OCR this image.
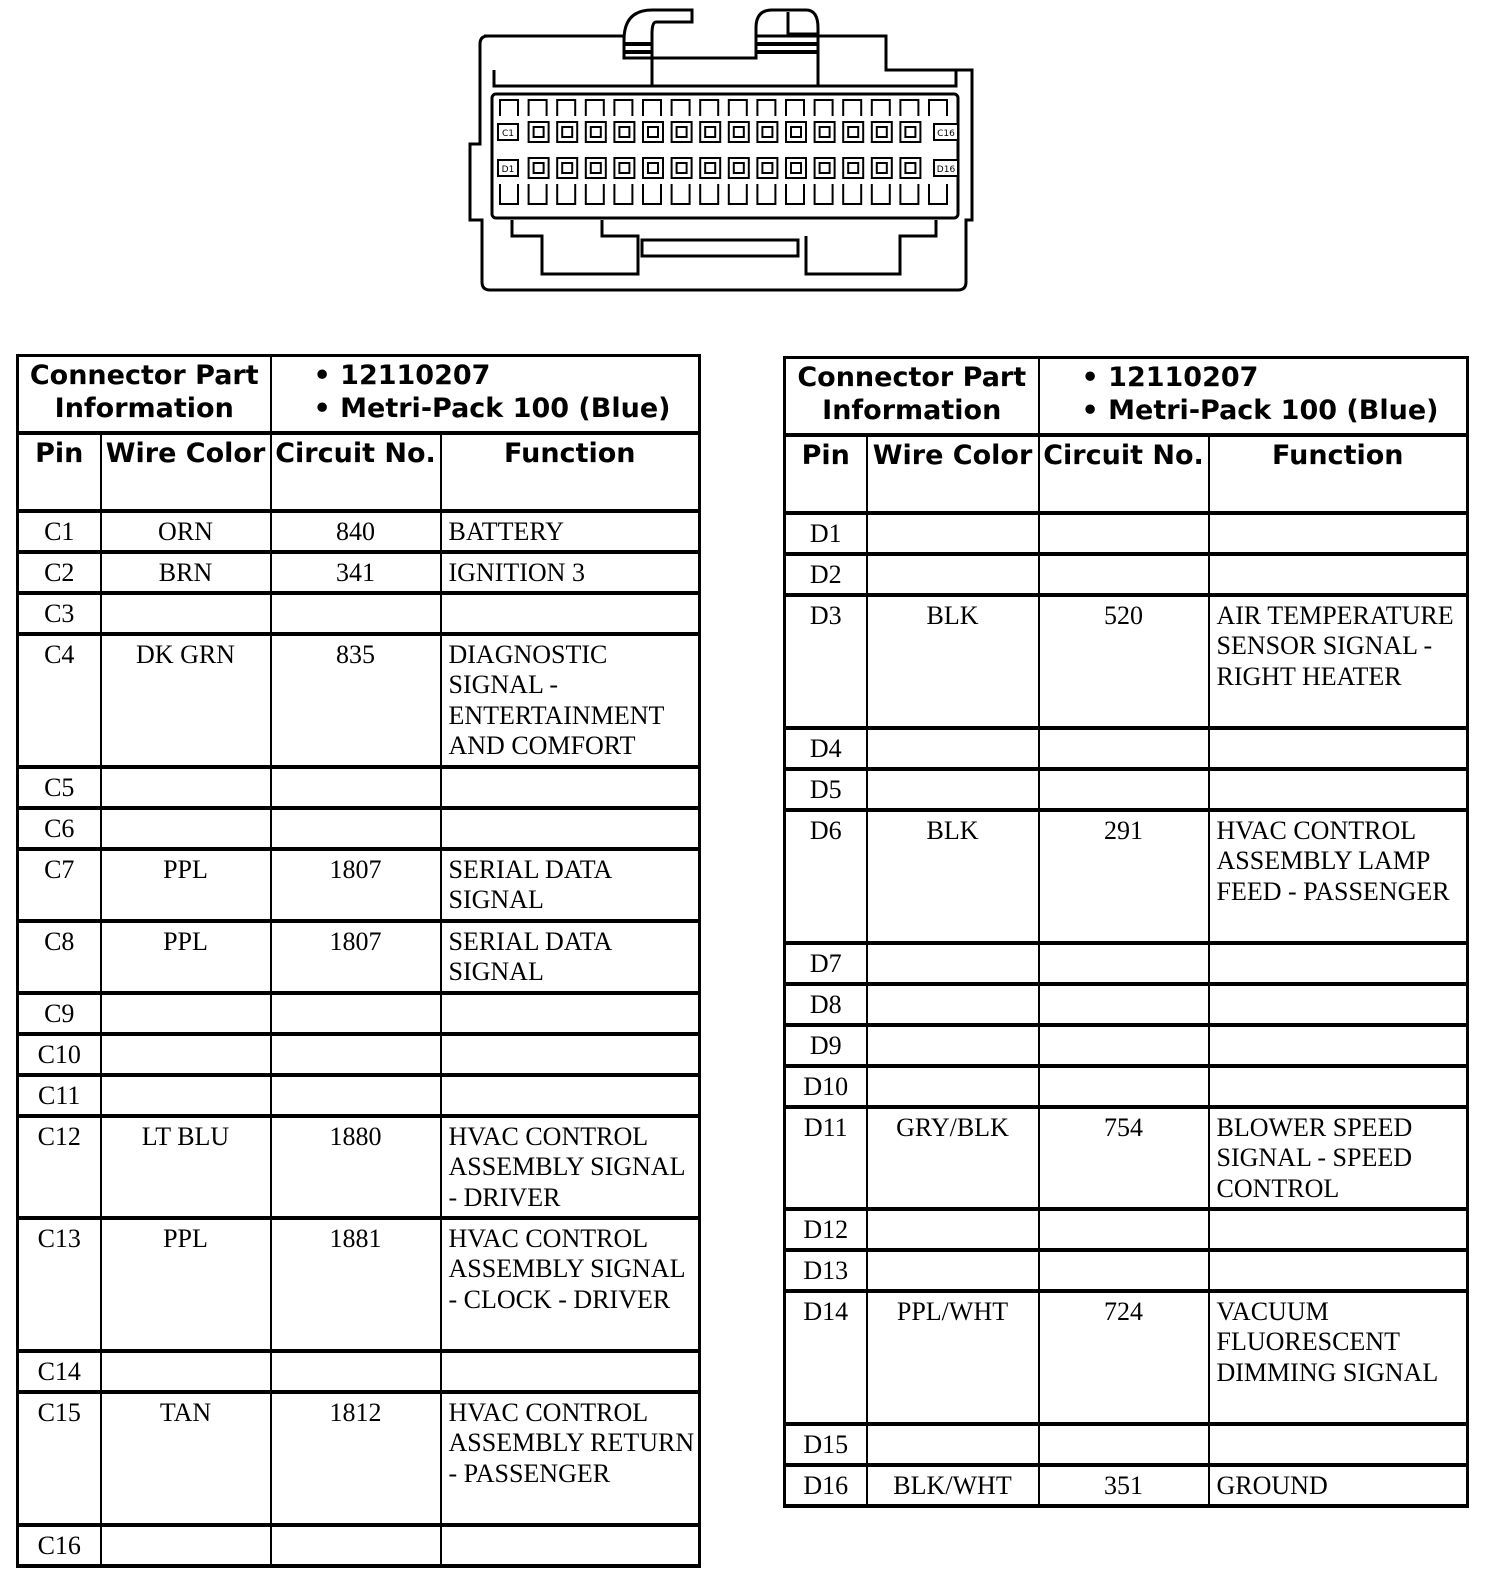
C1	C16
D1	D16
Connector Part Information		• 12110207
• Metri-Pack 100 (Blue)	

Pin	Wire Color	Circuit No.	Function
C1	ORN	840	BATTERY
C2	BRN	341	IGNITION 3
C3			
C4	DK GRN	835	DIAGNOSTIC SIGNAL - ENTERTAINMENT AND COMFORT
C5			
C6			
C7	PPL	1807	SERIAL DATA SIGNAL
C8	PPL	1807	SERIAL DATA SIGNAL
C9			
C10			
C11			
C12	LT BLU	1880	HVAC CONTROL ASSEMBLY SIGNAL - DRIVER
C13	PPL	1881	HVAC CONTROL ASSEMBLY SIGNAL - CLOCK - DRIVER
C14			
C15	TAN	1812	HVAC CONTROL ASSEMBLY RETURN - PASSENGER
C16			
Connector Part Information		• 12110207
• Metri-Pack 100 (Blue)	

Pin	Wire Color	Circuit No.	Function
D1			
D2			
D3	BLK	520	AIR TEMPERATURE SENSOR SIGNAL - RIGHT HEATER
D4			
D5			
D6	BLK	291	HVAC CONTROL ASSEMBLY LAMP FEED - PASSENGER
D7			
D8			
D9			
D10			
D11	GRY/BLK	754	BLOWER SPEED SIGNAL - SPEED CONTROL
D12			
D13			
D14	PPL/WHT	724	VACUUM FLUORESCENT DIMMING SIGNAL
D15			
D16	BLK/WHT	351	GROUND
